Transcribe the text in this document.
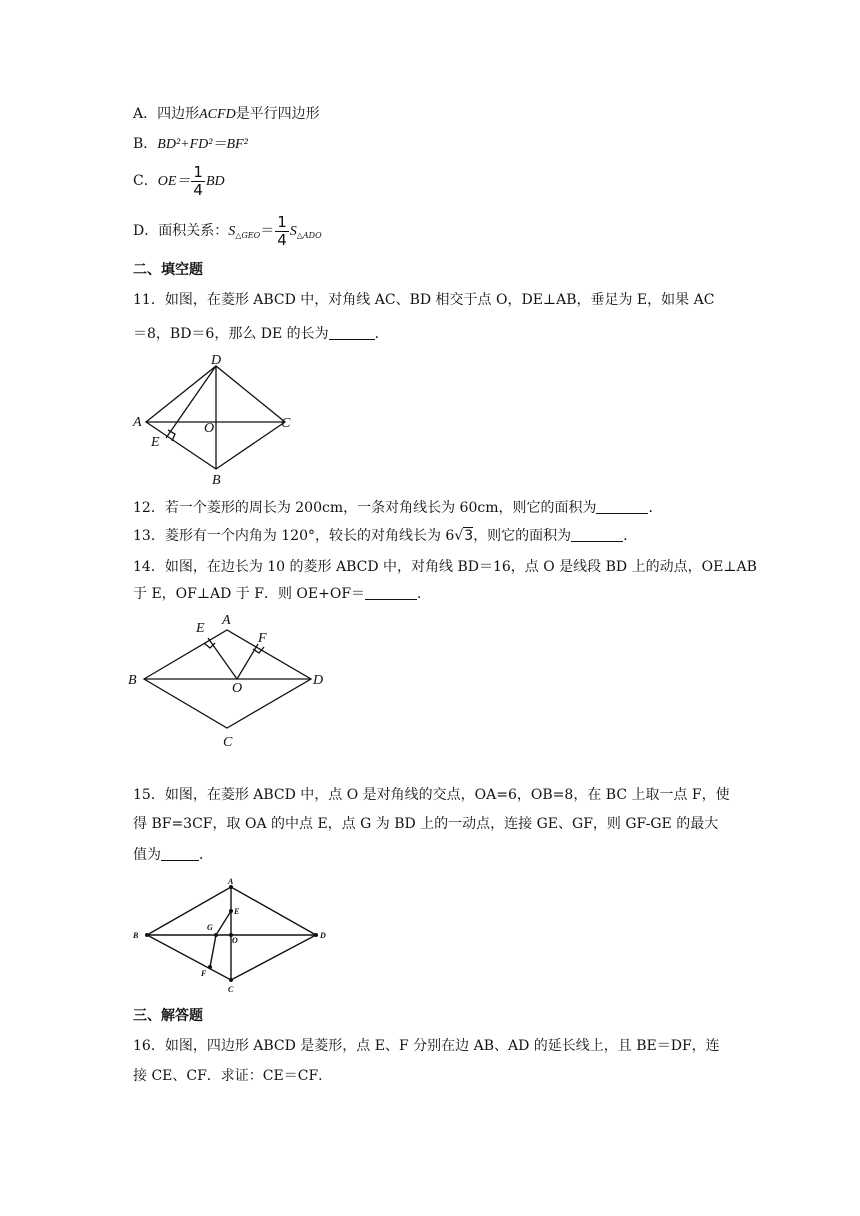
A．四边形ACFD是平行四边形
B．BD²+FD²＝BF²
C．$OE= \frac{1}{4}$ BD
D．面积关系：$S_{\triangle GEO}= \frac{1}{4} S_{\triangle ADO}$
二、填空题
11．如图，在菱形 ABCD 中，对角线 AC、BD 相交于点 O，DE⊥AB，垂足为 E，如果 AC
＝8，BD＝6，那么 DE 的长为	．
D
A	C
O
E
B
12．若一个菱形的周长为 200cm，一条对角线长为 60cm，则它的面积为	．
13．菱形有一个内角为 120°，较长的对角线长为 6√3，则它的面积为	．
14．如图，在边长为 10 的菱形 ABCD 中，对角线 BD＝16，点 O 是线段 BD 上的动点，OE⊥AB
于 E，OF⊥AD 于 F．则 OE+OF＝	．
E
A
F
B
O
D
C
15．如图，在菱形 ABCD 中，点 O 是对角线的交点，OA=6，OB=8，在 BC 上取一点 F，使
得 BF=3CF，取 OA 的中点 E，点 G 为 BD 上的一动点，连接 GE、GF，则 GF-GE 的最大
值为	．
A
E
G
O
B	D
F
C
三、解答题
16．如图，四边形 ABCD 是菱形，点 E、F 分别在边 AB、AD 的延长线上，且 BE＝DF，连
接 CE、CF．求证：CE＝CF．
